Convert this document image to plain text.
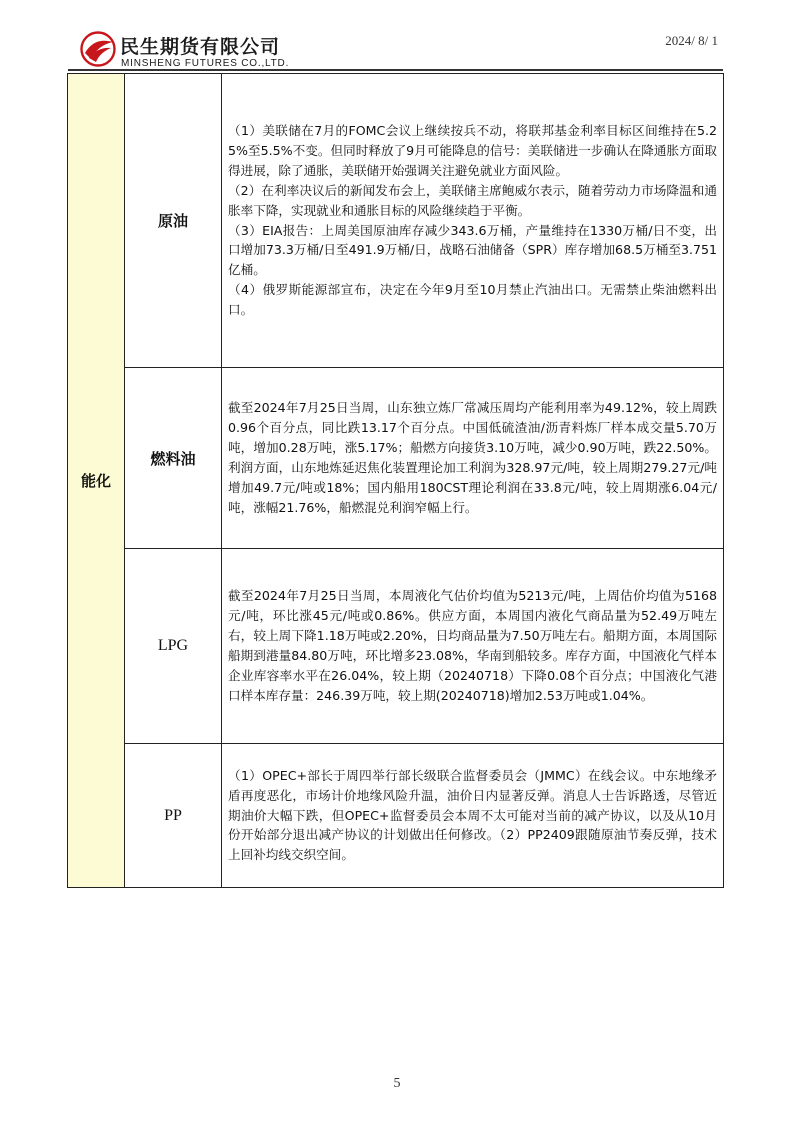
民生期货有限公司
MINSHENG FUTURES CO.,LTD.
2024/ 8/ 1
能化	原油	（1）美联储在7月的FOMC会议上继续按兵不动，将联邦基金利率目标区间维持在5.25%至5.5%不变。但同时释放了9月可能降息的信号：美联储进一步确认在降通胀方面取得进展，除了通胀，美联储开始强调关注避免就业方面风险。

（2）在利率决议后的新闻发布会上，美联储主席鲍威尔表示，随着劳动力市场降温和通胀率下降，实现就业和通胀目标的风险继续趋于平衡。

（3）EIA报告：上周美国原油库存减少343.6万桶，产量维持在1330万桶/日不变，出口增加73.3万桶/日至491.9万桶/日，战略石油储备（SPR）库存增加68.5万桶至3.751亿桶。

（4）俄罗斯能源部宣布，决定在今年9月至10月禁止汽油出口。无需禁止柴油燃料出口。

	燃料油	截至2024年7月25日当周，山东独立炼厂常减压周均产能利用率为49.12%，较上周跌0.96个百分点，同比跌13.17个百分点。中国低硫渣油/沥青料炼厂样本成交量5.70万吨，增加0.28万吨，涨5.17%；船燃方向接货3.10万吨，减少0.90万吨，跌22.50%。利润方面，山东地炼延迟焦化装置理论加工利润为328.97元/吨，较上周期279.27元/吨增加49.7元/吨或18%；国内船用180CST理论利润在33.8元/吨，较上周期涨6.04元/吨，涨幅21.76%，船燃混兑利润窄幅上行。

	LPG	截至2024年7月25日当周，本周液化气估价均值为5213元/吨，上周估价均值为5168元/吨，环比涨45元/吨或0.86%。供应方面，本周国内液化气商品量为52.49万吨左右，较上周下降1.18万吨或2.20%，日均商品量为7.50万吨左右。船期方面，本周国际船期到港量84.80万吨，环比增多23.08%，华南到船较多。库存方面，中国液化气样本企业库容率水平在26.04%，较上期（20240718）下降0.08个百分点；中国液化气港口样本库存量：246.39万吨，较上期(20240718)增加2.53万吨或1.04%。

	PP	（1）OPEC+部长于周四举行部长级联合监督委员会（JMMC）在线会议。中东地缘矛盾再度恶化，市场计价地缘风险升温，油价日内显著反弹。消息人士告诉路透，尽管近期油价大幅下跌，但OPEC+监督委员会本周不太可能对当前的减产协议，以及从10月份开始部分退出减产协议的计划做出任何修改。（2）PP2409跟随原油节奏反弹，技术上回补均线交织空间。

5
